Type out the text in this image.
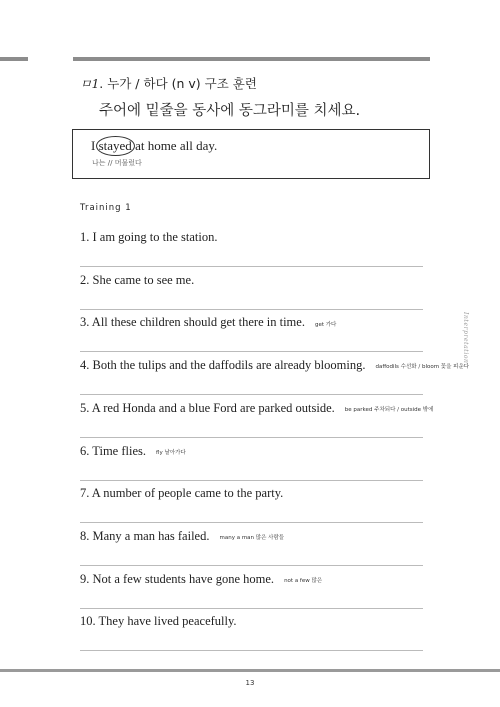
ㅁ1. 누가 / 하다 (n v) 구조 훈련
주어에 밑줄을 동사에 동그라미를 치세요.
I stayed at home all day.
나는 // 머물렀다
Training 1
1. I am going to the station.
2. She came to see me.
3. All these children should get there in time. get 가다
4. Both the tulips and the daffodils are already blooming. daffodils 수선화 / bloom 꽃을 피운다
5. A red Honda and a blue Ford are parked outside. be parked 주차되다 / outside 밖에
6. Time flies. fly 날아가다
7. A number of people came to the party.
8. Many a man has failed. many a man 많은 사람들
9. Not a few students have gone home. not a few 많은
10. They have lived peacefully.
Interpretation
13
